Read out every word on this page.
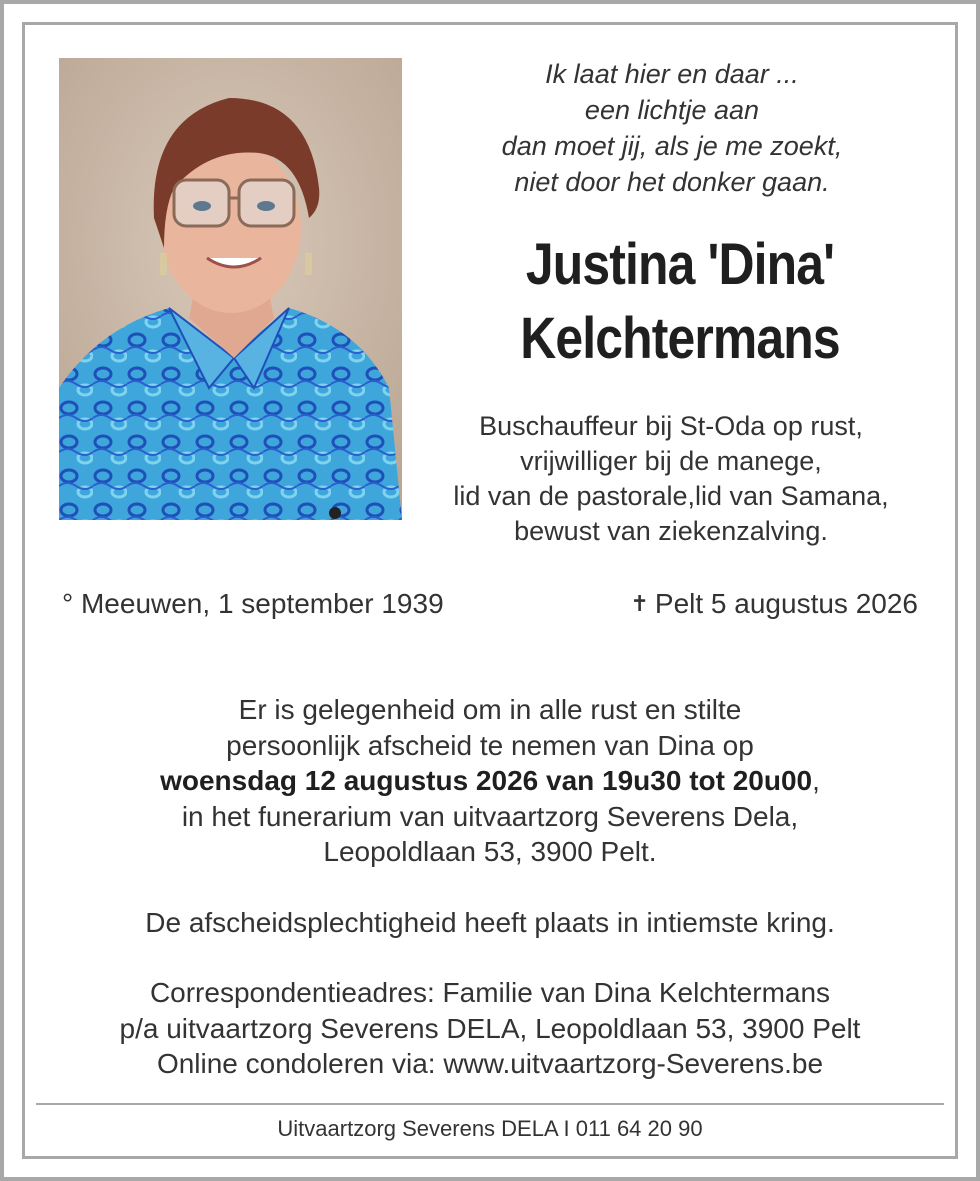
Ik laat hier en daar ...
een lichtje aan
dan moet jij, als je me zoekt,
niet door het donker gaan.
Justina 'Dina'
Kelchtermans
Buschauffeur bij St-Oda op rust,
vrijwilliger bij de manege,
lid van de pastorale,lid van Samana,
bewust van ziekenzalving.
° Meeuwen, 1 september 1939	✝ Pelt 5 augustus 2026
Er is gelegenheid om in alle rust en stilte
persoonlijk afscheid te nemen van Dina op
woensdag 12 augustus 2026 van 19u30 tot 20u00,
in het funerarium van uitvaartzorg Severens Dela,
Leopoldlaan 53, 3900 Pelt.
De afscheidsplechtigheid heeft plaats in intiemste kring.
Correspondentieadres: Familie van Dina Kelchtermans
p/a uitvaartzorg Severens DELA, Leopoldlaan 53, 3900 Pelt
Online condoleren via: www.uitvaartzorg-Severens.be
Uitvaartzorg Severens DELA I 011 64 20 90
